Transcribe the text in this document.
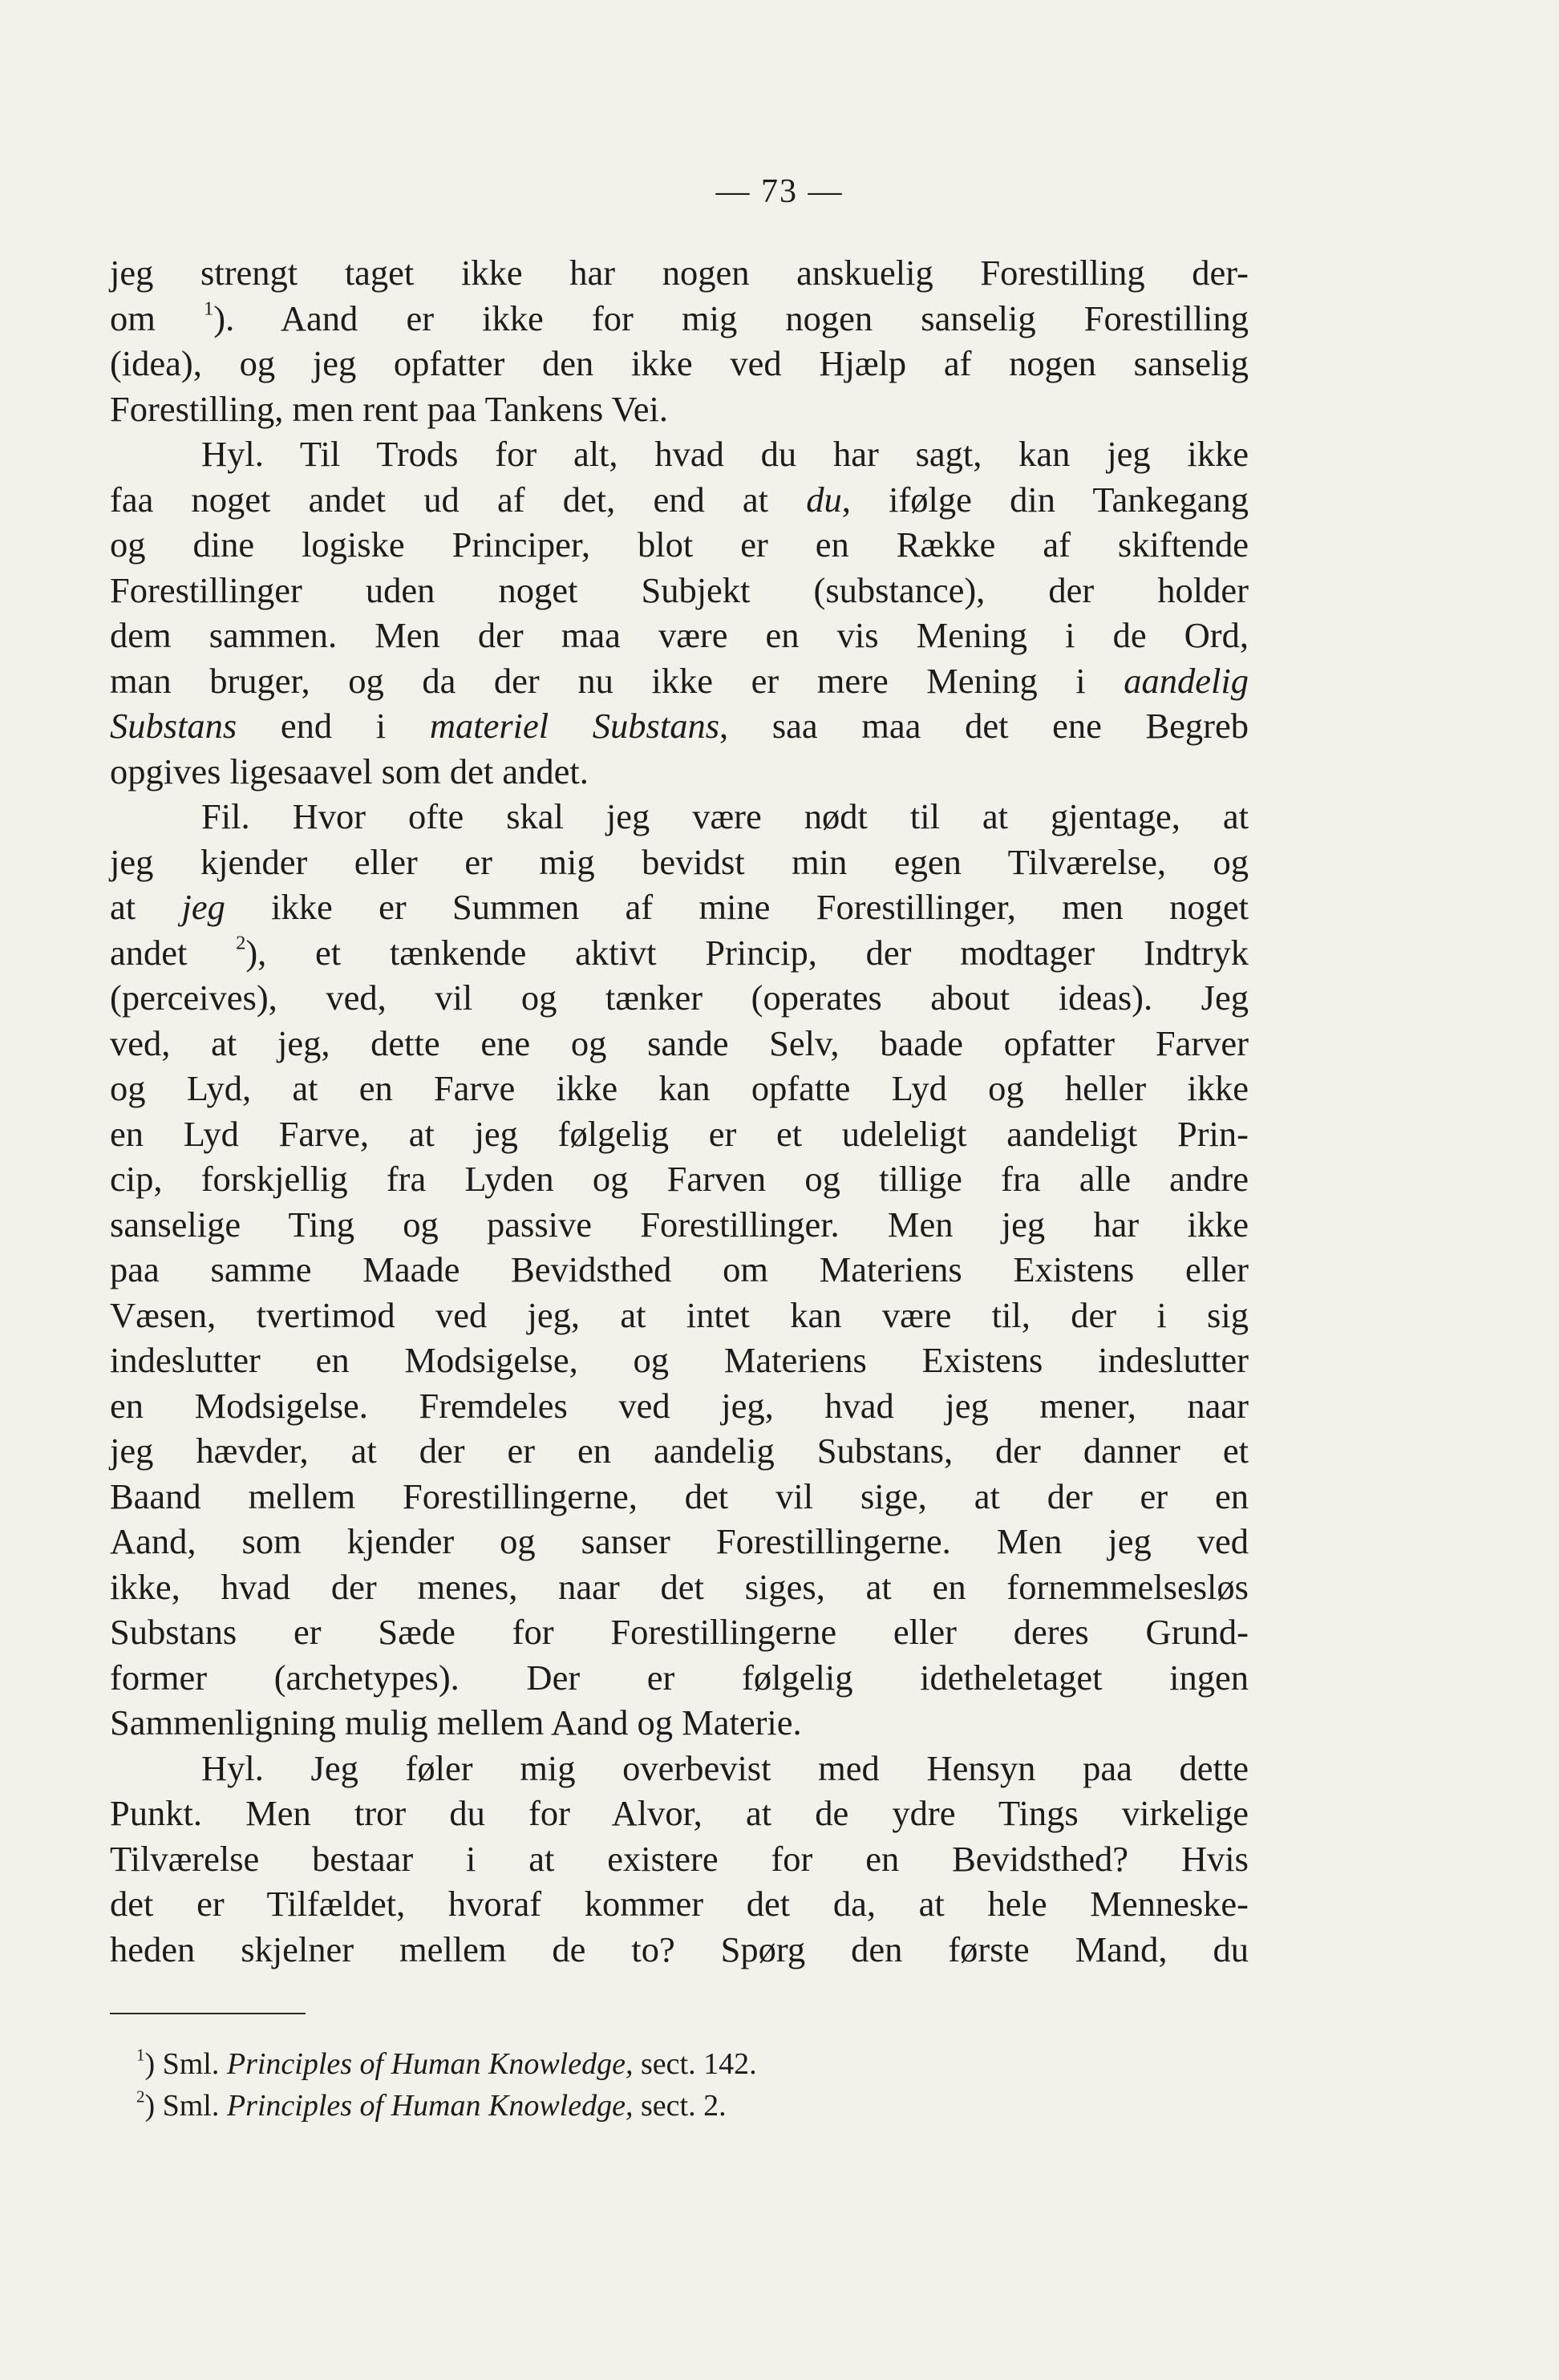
— 73 —
jeg strengt taget ikke har nogen anskuelig Forestilling der-
om $^1$). Aand er ikke for mig nogen sanselig Forestilling
(idea), og jeg opfatter den ikke ved Hjælp af nogen sanselig
Forestilling, men rent paa Tankens Vei.
Hyl. Til Trods for alt, hvad du har sagt, kan jeg ikke
faa noget andet ud af det, end at du, ifølge din Tankegang
og dine logiske Principer, blot er en Række af skiftende
Forestillinger uden noget Subjekt (substance), der holder
dem sammen. Men der maa være en vis Mening i de Ord,
man bruger, og da der nu ikke er mere Mening i aandelig
Substans end i materiel Substans, saa maa det ene Begreb
opgives ligesaavel som det andet.
Fil. Hvor ofte skal jeg være nødt til at gjentage, at
jeg kjender eller er mig bevidst min egen Tilværelse, og
at jeg ikke er Summen af mine Forestillinger, men noget
andet $^2$), et tænkende aktivt Princip, der modtager Indtryk
(perceives), ved, vil og tænker (operates about ideas). Jeg
ved, at jeg, dette ene og sande Selv, baade opfatter Farver
og Lyd, at en Farve ikke kan opfatte Lyd og heller ikke
en Lyd Farve, at jeg følgelig er et udeleligt aandeligt Prin-
cip, forskjellig fra Lyden og Farven og tillige fra alle andre
sanselige Ting og passive Forestillinger. Men jeg har ikke
paa samme Maade Bevidsthed om Materiens Existens eller
Væsen, tvertimod ved jeg, at intet kan være til, der i sig
indeslutter en Modsigelse, og Materiens Existens indeslutter
en Modsigelse. Fremdeles ved jeg, hvad jeg mener, naar
jeg hævder, at der er en aandelig Substans, der danner et
Baand mellem Forestillingerne, det vil sige, at der er en
Aand, som kjender og sanser Forestillingerne. Men jeg ved
ikke, hvad der menes, naar det siges, at en fornemmelsesløs
Substans er Sæde for Forestillingerne eller deres Grund-
former (archetypes). Der er følgelig idetheletaget ingen
Sammenligning mulig mellem Aand og Materie.
Hyl. Jeg føler mig overbevist med Hensyn paa dette
Punkt. Men tror du for Alvor, at de ydre Tings virkelige
Tilværelse bestaar i at existere for en Bevidsthed? Hvis
det er Tilfældet, hvoraf kommer det da, at hele Menneske-
heden skjelner mellem de to? Spørg den første Mand, du
$^1$) Sml. Principles of Human Knowledge, sect. 142.
$^2$) Sml. Principles of Human Knowledge, sect. 2.
